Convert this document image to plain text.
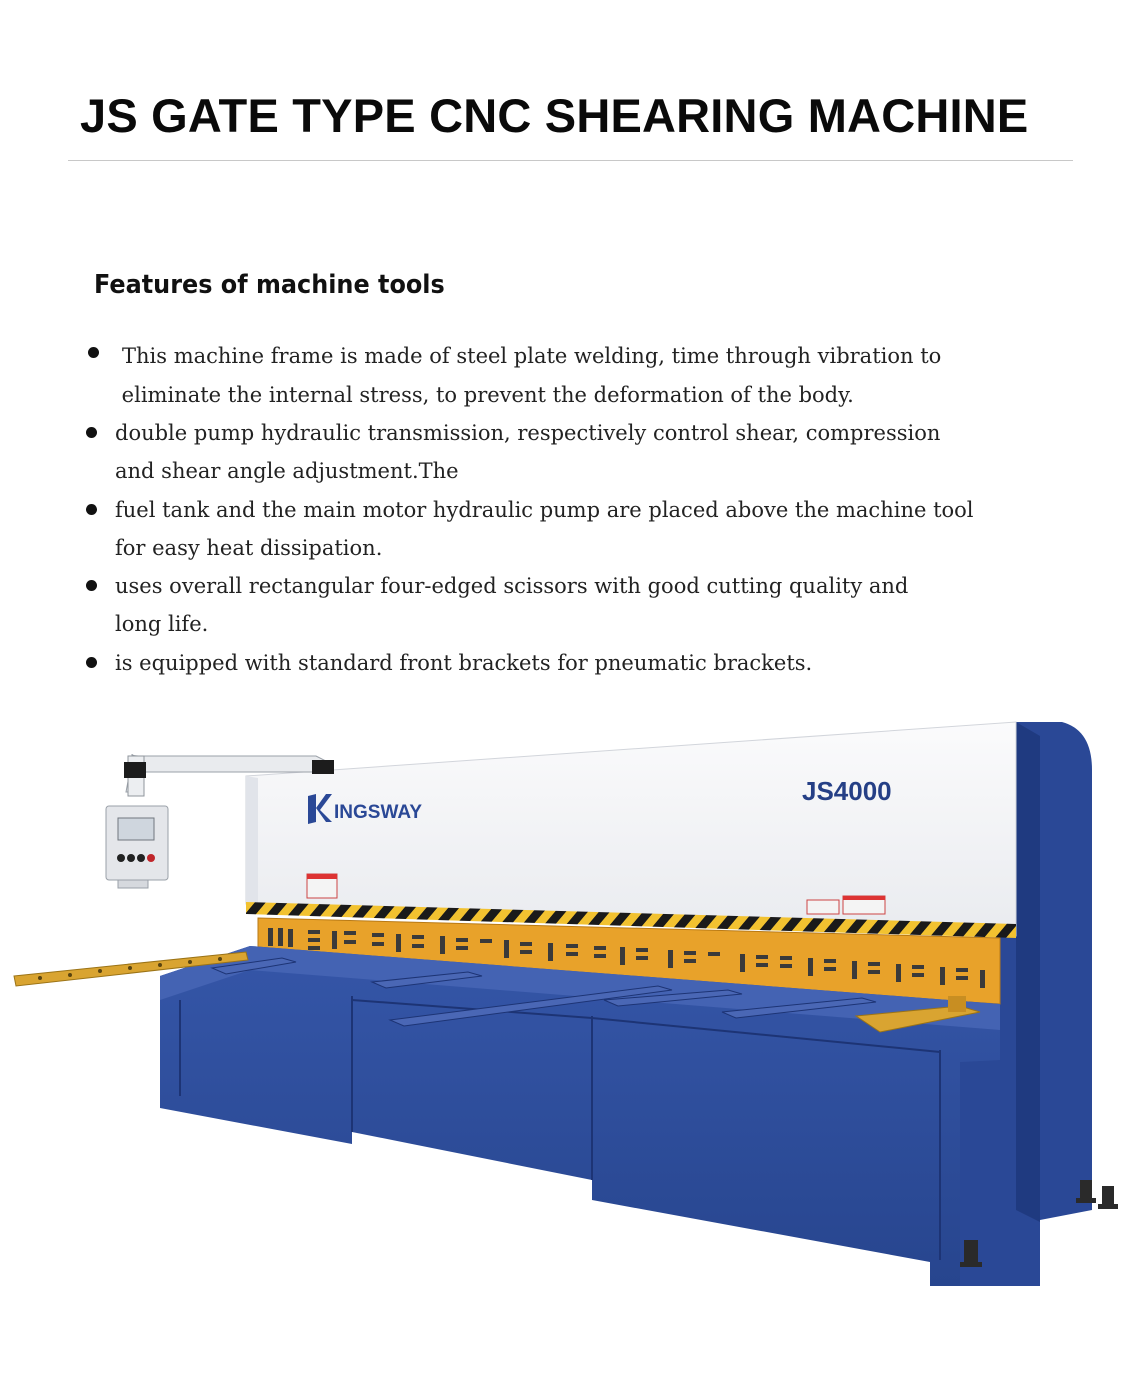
JS GATE TYPE CNC SHEARING MACHINE
Features of machine tools

This machine frame is made of steel plate welding, time through vibration to

eliminate the internal stress, to prevent the deformation of the body.

double pump hydraulic transmission, respectively control shear, compression

and shear angle adjustment.The

fuel tank and the main motor hydraulic pump are placed above the machine tool

for easy heat dissipation.

uses overall rectangular four-edged scissors with good cutting quality and

long life.

is equipped with standard front brackets for pneumatic brackets.

INGSWAY
JS4000
